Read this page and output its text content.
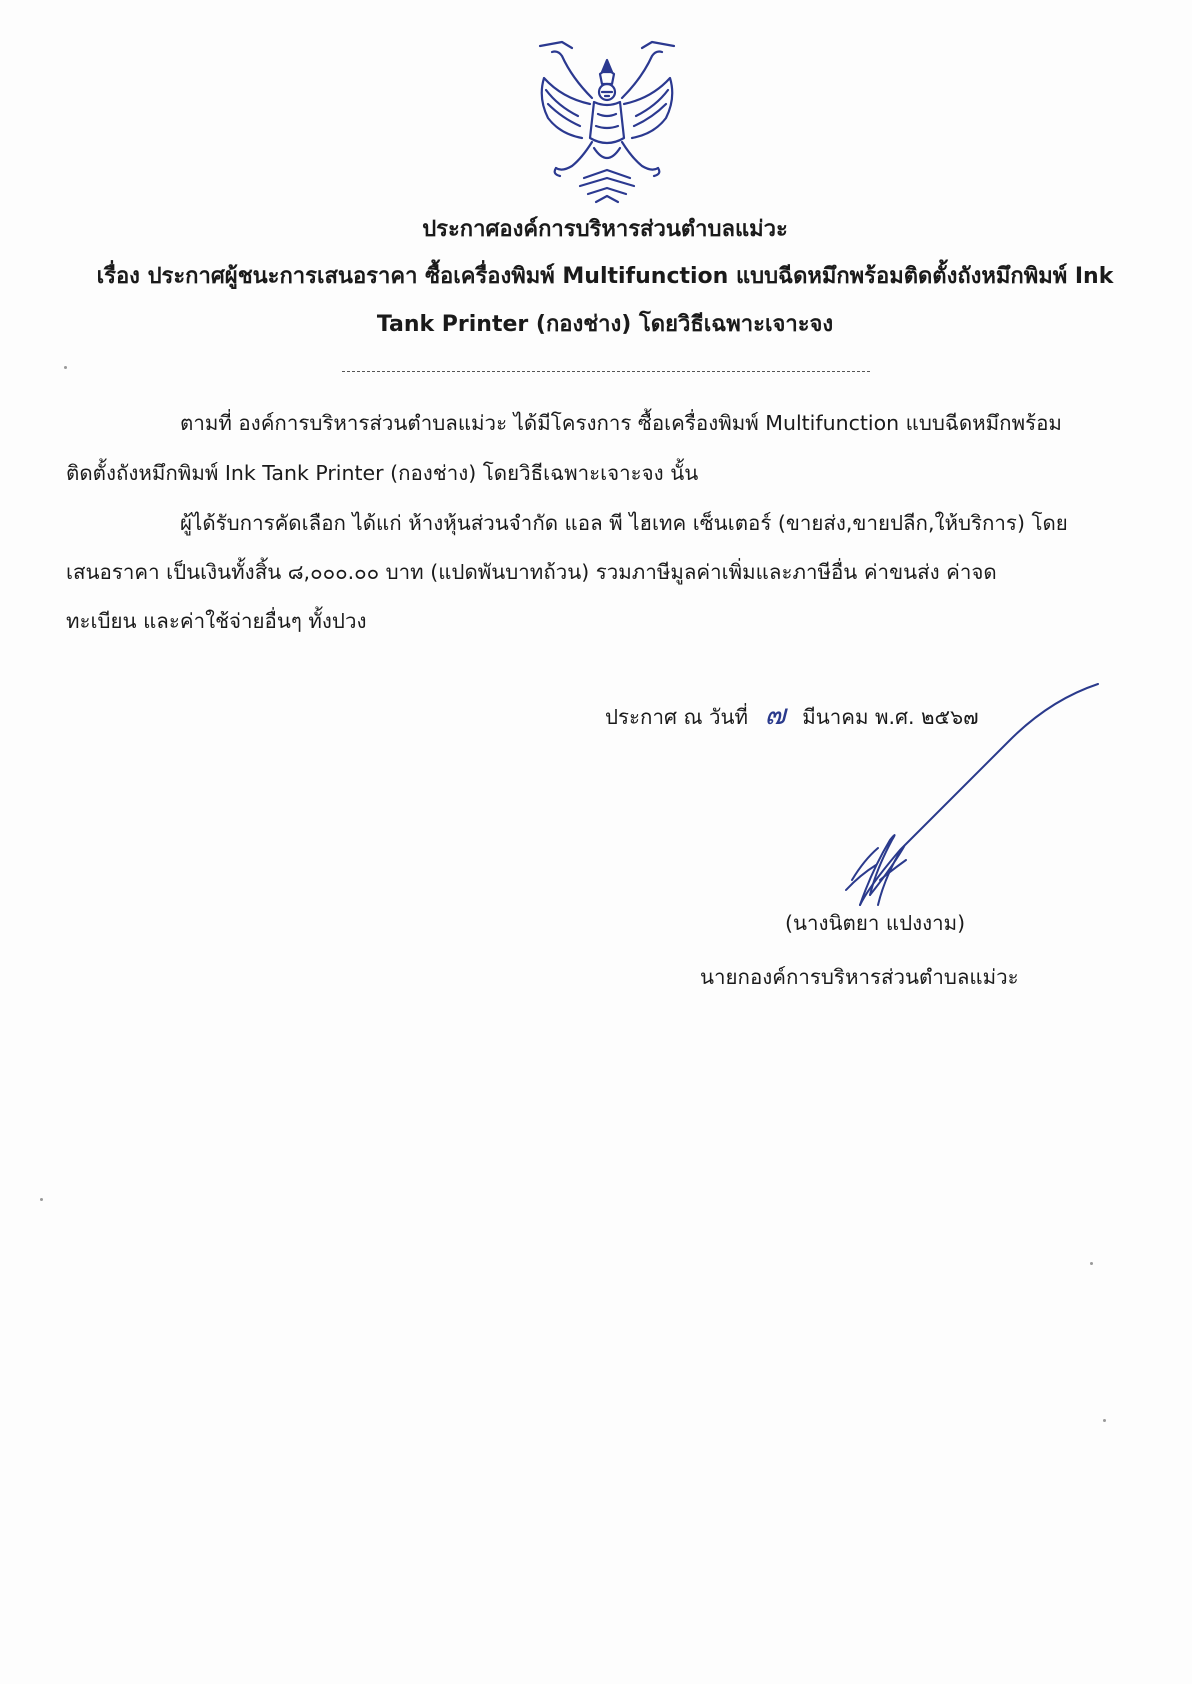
ประกาศองค์การบริหารส่วนตำบลแม่วะ
เรื่อง ประกาศผู้ชนะการเสนอราคา ซื้อเครื่องพิมพ์ Multifunction แบบฉีดหมึกพร้อมติดตั้งถังหมึกพิมพ์ Ink
Tank Printer (กองช่าง) โดยวิธีเฉพาะเจาะจง
ตามที่ องค์การบริหารส่วนตำบลแม่วะ ได้มีโครงการ ซื้อเครื่องพิมพ์ Multifunction แบบฉีดหมึกพร้อม
ติดตั้งถังหมึกพิมพ์ Ink Tank Printer (กองช่าง) โดยวิธีเฉพาะเจาะจง นั้น
ผู้ได้รับการคัดเลือก ได้แก่ ห้างหุ้นส่วนจำกัด แอล พี ไฮเทค เซ็นเตอร์ (ขายส่ง,ขายปลีก,ให้บริการ) โดย
เสนอราคา เป็นเงินทั้งสิ้น ๘,๐๐๐.๐๐ บาท (แปดพันบาทถ้วน) รวมภาษีมูลค่าเพิ่มและภาษีอื่น ค่าขนส่ง ค่าจด
ทะเบียน และค่าใช้จ่ายอื่นๆ ทั้งปวง
ประกาศ ณ วันที่ ๗ มีนาคม พ.ศ. ๒๕๖๗
(นางนิตยา แปงงาม)
นายกองค์การบริหารส่วนตำบลแม่วะ
